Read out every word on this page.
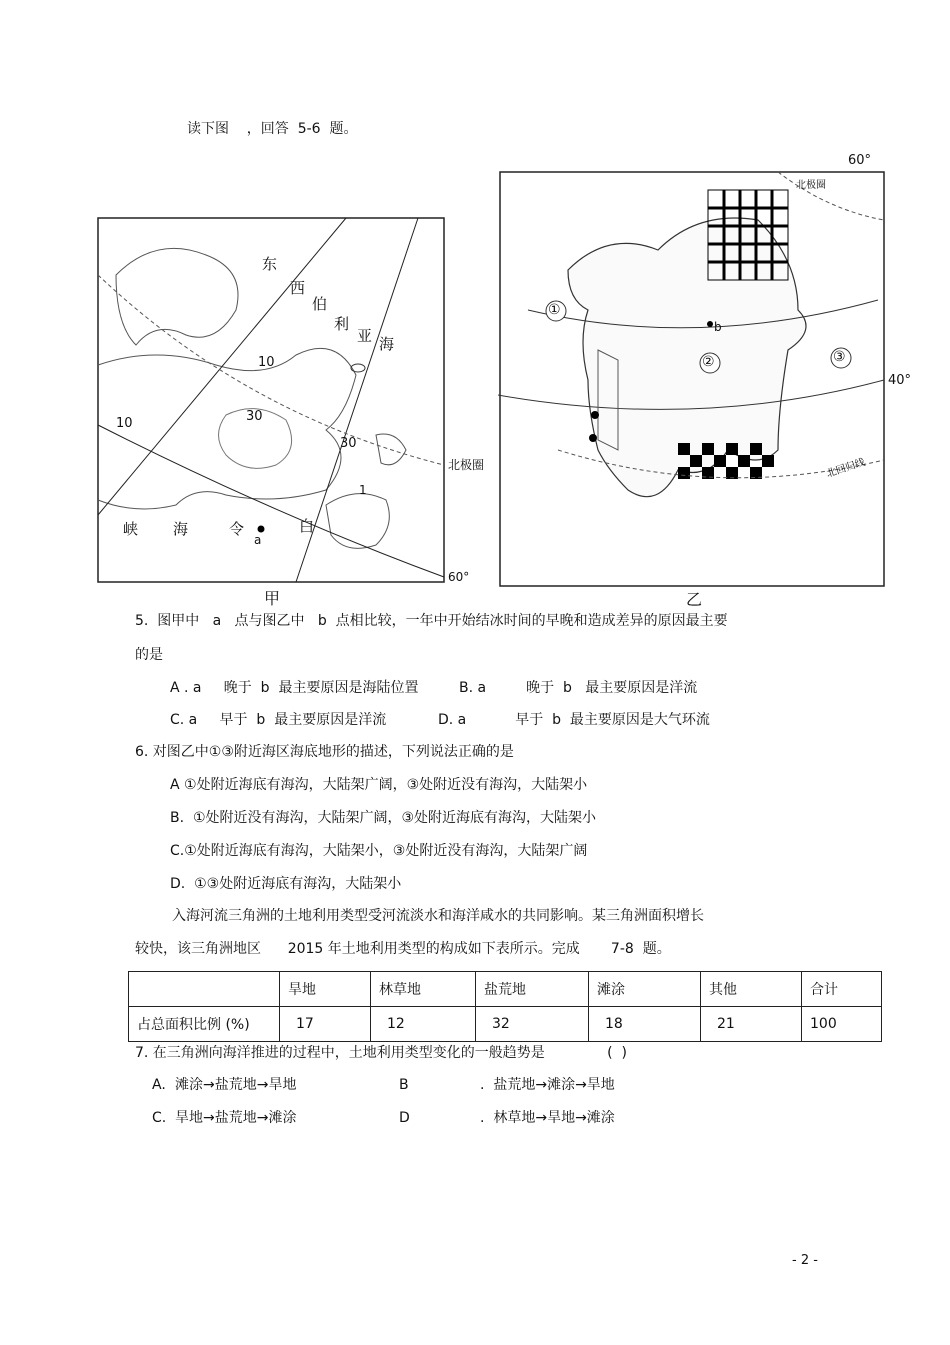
读下图    ，回答  5-6  题。
东
西
伯
利
亚 海
10
30
10
30
1
峡 海	令	白
a
北极圈
60°
甲
①
②	③
b
北极圈
北回归线
60°
40°
乙
5.  图甲中   a   点与图乙中   b  点相比较，一年中开始结冰时间的早晚和造成差异的原因最主要
的是
A . a     晚于  b  最主要原因是海陆位置	B. a         晚于  b   最主要原因是洋流
C. a     早于  b  最主要原因是洋流	D. a           早于  b  最主要原因是大气环流
6. 对图乙中①③附近海区海底地形的描述，下列说法正确的是
A ①处附近海底有海沟，大陆架广阔，③处附近没有海沟，大陆架小
B.  ①处附近没有海沟，大陆架广阔，③处附近海底有海沟，大陆架小
C.①处附近海底有海沟，大陆架小，③处附近没有海沟，大陆架广阔
D.  ①③处附近海底有海沟，大陆架小
入海河流三角洲的土地利用类型受河流淡水和海洋咸水的共同影响。某三角洲面积增长
较快，该三角洲地区      2015 年土地利用类型的构成如下表所示。完成       7-8  题。
	旱地	林草地	盐荒地	滩涂	其他	合计
占总面积比例 (%)	17	12	32	18	21	100
7. 在三角洲向海洋推进的过程中，土地利用类型变化的一般趋势是              (  )
A. 滩涂→盐荒地→旱地	B	.  盐荒地→滩涂→旱地
C. 旱地→盐荒地→滩涂	D	.  林草地→旱地→滩涂
- 2 -
